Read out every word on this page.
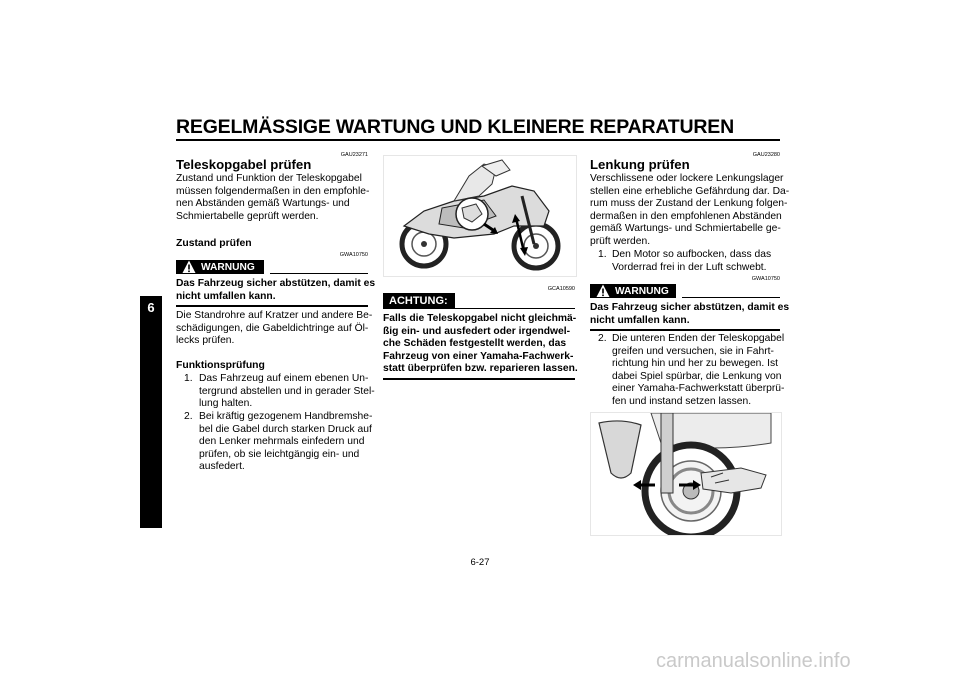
REGELMÄSSIGE WARTUNG UND KLEINERE REPARATUREN
6
GAU23271
Teleskopgabel prüfen
Zustand und Funktion der Teleskopgabel
müssen folgendermaßen in den empfohle-
nen Abständen gemäß Wartungs- und
Schmiertabelle geprüft werden.
Zustand prüfen
GWA10750
WARNUNG
Das Fahrzeug sicher abstützen, damit es
nicht umfallen kann.
Die Standrohre auf Kratzer und andere Be-
schädigungen, die Gabeldichtringe auf Öl-
lecks prüfen.
Funktionsprüfung
1. Das Fahrzeug auf einem ebenen Un-
tergrund abstellen und in gerader Stel-
lung halten.
2. Bei kräftig gezogenem Handbremshe-
bel die Gabel durch starken Druck auf
den Lenker mehrmals einfedern und
prüfen, ob sie leichtgängig ein- und
ausfedert.
GCA10590
ACHTUNG:
Falls die Teleskopgabel nicht gleichmä-
ßig ein- und ausfedert oder irgendwel-
che Schäden festgestellt werden, das
Fahrzeug von einer Yamaha-Fachwerk-
statt überprüfen bzw. reparieren lassen.
GAU23280
Lenkung prüfen
Verschlissene oder lockere Lenkungslager
stellen eine erhebliche Gefährdung dar. Da-
rum muss der Zustand der Lenkung folgen-
dermaßen in den empfohlenen Abständen
gemäß Wartungs- und Schmiertabelle ge-
prüft werden.
1. Den Motor so aufbocken, dass das
Vorderrad frei in der Luft schwebt.
GWA10750
WARNUNG
Das Fahrzeug sicher abstützen, damit es
nicht umfallen kann.
2. Die unteren Enden der Teleskopgabel
greifen und versuchen, sie in Fahrt-
richtung hin und her zu bewegen. Ist
dabei Spiel spürbar, die Lenkung von
einer Yamaha-Fachwerkstatt überprü-
fen und instand setzen lassen.
6-27
carmanualsonline.info
